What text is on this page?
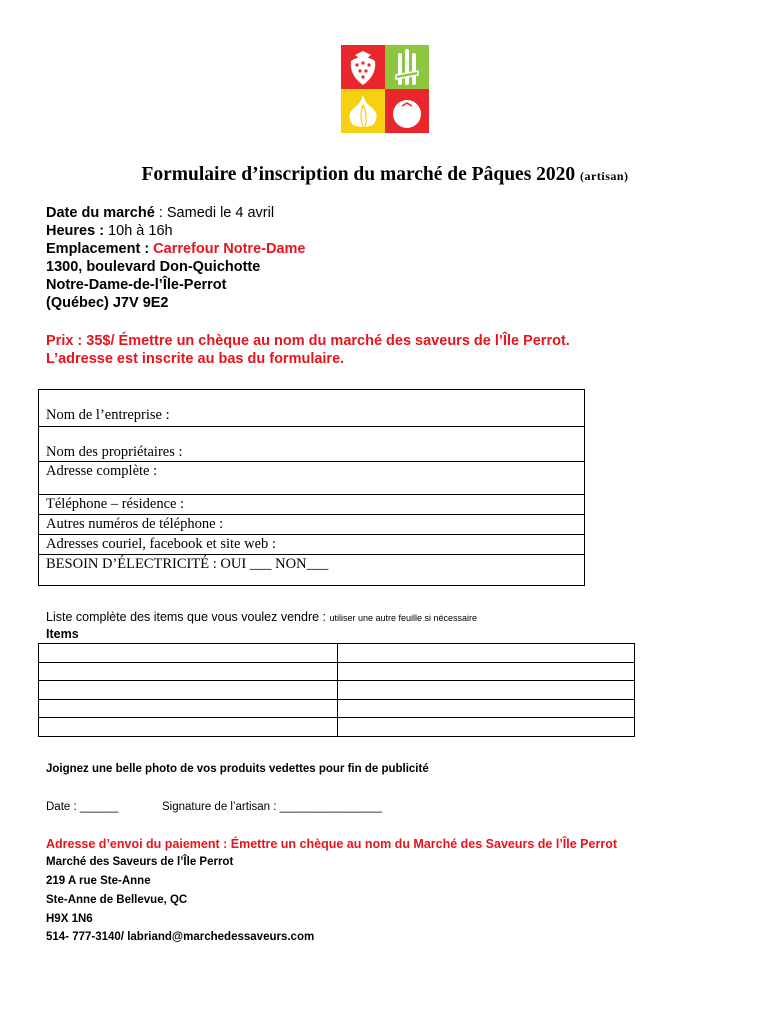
Formulaire d’inscription du marché de Pâques 2020 (artisan)
Date du marché : Samedi le 4 avril
Heures : 10h à 16h
Emplacement : Carrefour Notre-Dame
1300, boulevard Don-Quichotte
Notre-Dame-de-l’Île-Perrot
(Québec) J7V 9E2
Prix : 35$/ Émettre un chèque au nom du marché des saveurs de l’Île Perrot.
L’adresse est inscrite au bas du formulaire.
Nom de l’entreprise :
Nom des propriétaires :
Adresse complète :
Téléphone – résidence :
Autres numéros de téléphone :
Adresses couriel, facebook et site web :
BESOIN D’ÉLECTRICITÉ : OUI ___ NON___
Liste complète des items que vous voulez vendre : utiliser une autre feuille si nécessaire
Items

Joignez une belle photo de vos produits vedettes pour fin de publicité
Date : ______	Signature de l’artisan : ________________
Adresse d’envoi du paiement : Émettre un chèque au nom du Marché des Saveurs de l’Île Perrot
Marché des Saveurs de l’Île Perrot
219 A rue Ste-Anne
Ste-Anne de Bellevue, QC
H9X 1N6
514- 777-3140/ labriand@marchedessaveurs.com
